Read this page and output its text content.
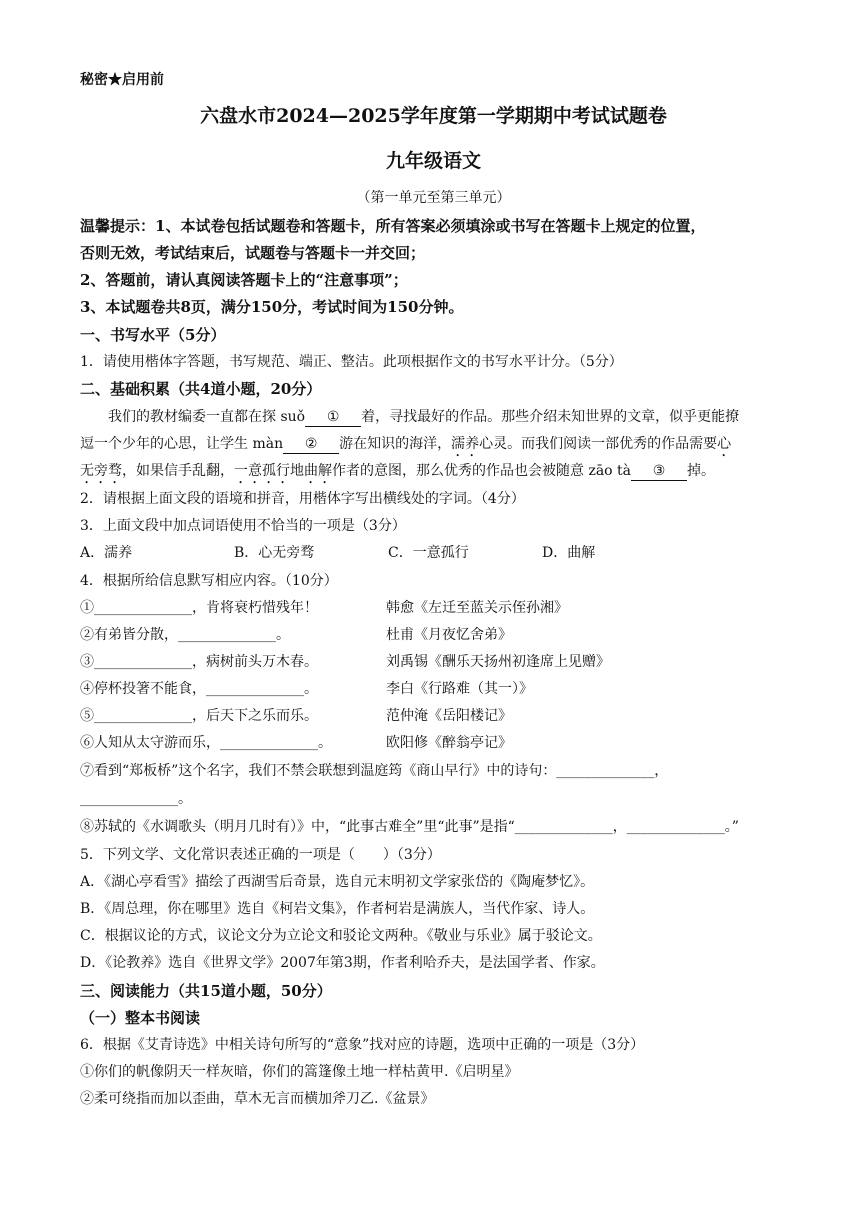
秘密★启用前
六盘水市2024—2025学年度第一学期期中考试试题卷
九年级语文
（第一单元至第三单元）
温馨提示：1、本试卷包括试题卷和答题卡，所有答案必须填涂或书写在答题卡上规定的位置，
否则无效，考试结束后，试题卷与答题卡一并交回；
2、答题前，请认真阅读答题卡上的“注意事项”；
3、本试题卷共8页，满分150分，考试时间为150分钟。
一、书写水平（5分）
1．请使用楷体字答题，书写规范、端正、整洁。此项根据作文的书写水平计分。（5分）
二、基础积累（共4道小题，20分）
我们的教材编委一直都在探 suǒ ① 着，寻找最好的作品。那些介绍未知世界的文章，似乎更能撩
逗一个少年的心思，让学生 màn ② 游在知识的海洋，濡养心灵。而我们阅读一部优秀的作品需要心
无旁骛，如果信手乱翻，一意孤行地曲解作者的意图，那么优秀的作品也会被随意 zāo tà ③ 掉。
2．请根据上面文段的语境和拼音，用楷体字写出横线处的字词。（4分）
3．上面文段中加点词语使用不恰当的一项是（3分）
A．濡养	B．心无旁骛	C．一意孤行	D．曲解
4．根据所给信息默写相应内容。（10分）
①______________，肯将衰朽惜残年！	韩愈《左迁至蓝关示侄孙湘》
②有弟皆分散，______________。	杜甫《月夜忆舍弟》
③______________，病树前头万木春。	刘禹锡《酬乐天扬州初逢席上见赠》
④停杯投箸不能食，______________。	李白《行路难（其一）》
⑤______________，后天下之乐而乐。	范仲淹《岳阳楼记》
⑥人知从太守游而乐，______________。	欧阳修《醉翁亭记》
⑦看到“郑板桥”这个名字，我们不禁会联想到温庭筠《商山早行》中的诗句：______________，
______________。
⑧苏轼的《水调歌头（明月几时有）》中，“此事古难全”里“此事”是指“______________，______________。”
5．下列文学、文化常识表述正确的一项是（　　）（3分）
A．《湖心亭看雪》描绘了西湖雪后奇景，选自元末明初文学家张岱的《陶庵梦忆》。
B．《周总理，你在哪里》选自《柯岩文集》，作者柯岩是满族人，当代作家、诗人。
C．根据议论的方式，议论文分为立论文和驳论文两种。《敬业与乐业》属于驳论文。
D．《论教养》选自《世界文学》2007年第3期，作者利哈乔夫，是法国学者、作家。
三、阅读能力（共15道小题，50分）
（一）整本书阅读
6．根据《艾青诗选》中相关诗句所写的“意象”找对应的诗题，选项中正确的一项是（3分）
①你们的帆像阴天一样灰暗，你们的篙篷像土地一样枯黄甲.《启明星》
②柔可绕指而加以歪曲，草木无言而横加斧刀乙.《盆景》
